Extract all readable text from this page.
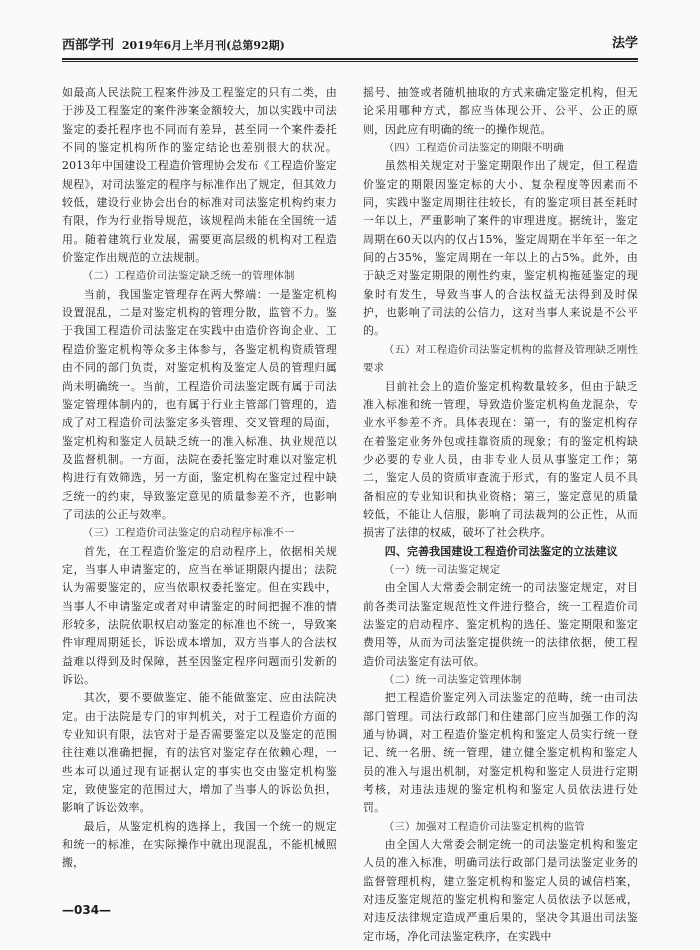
西部学刊 2019年6月上半月刊(总第92期)	法学

如最高人民法院工程案件涉及工程鉴定的只有二类，由于涉及工程鉴定的案件涉案金额较大，加以实践中司法鉴定的委托程序也不同而有差异，甚至同一个案件委托不同的鉴定机构所作的鉴定结论也差别很大的状况。2013年中国建设工程造价管理协会发布《工程造价鉴定规程》，对司法鉴定的程序与标准作出了规定，但其效力较低，建设行业协会出台的标准对司法鉴定机构约束力有限，作为行业指导规范，该规程尚未能在全国统一适用。随着建筑行业发展，需要更高层级的机构对工程造价鉴定作出规范的立法规制。

（二）工程造价司法鉴定缺乏统一的管理体制

当前，我国鉴定管理存在两大弊端：一是鉴定机构设置混乱，二是对鉴定机构的管理分散，监管不力。鉴于我国工程造价司法鉴定在实践中由造价咨询企业、工程造价鉴定机构等众多主体参与，各鉴定机构资质管理由不同的部门负责，对鉴定机构及鉴定人员的管理归属尚未明确统一。当前，工程造价司法鉴定既有属于司法鉴定管理体制内的，也有属于行业主管部门管理的，造成了对工程造价司法鉴定多头管理、交叉管理的局面，鉴定机构和鉴定人员缺乏统一的准入标准、执业规范以及监督机制。一方面，法院在委托鉴定时难以对鉴定机构进行有效筛选，另一方面，鉴定机构在鉴定过程中缺乏统一的约束，导致鉴定意见的质量参差不齐，也影响了司法的公正与效率。

（三）工程造价司法鉴定的启动程序标准不一

首先，在工程造价鉴定的启动程序上，依据相关规定，当事人申请鉴定的，应当在举证期限内提出；法院认为需要鉴定的，应当依职权委托鉴定。但在实践中，当事人不申请鉴定或者对申请鉴定的时间把握不准的情形较多，法院依职权启动鉴定的标准也不统一，导致案件审理周期延长，诉讼成本增加，双方当事人的合法权益难以得到及时保障，甚至因鉴定程序问题而引发新的诉讼。

其次，要不要做鉴定、能不能做鉴定、应由法院决定。由于法院是专门的审判机关，对于工程造价方面的专业知识有限，法官对于是否需要鉴定以及鉴定的范围往往难以准确把握，有的法官对鉴定存在依赖心理，一些本可以通过现有证据认定的事实也交由鉴定机构鉴定，致使鉴定的范围过大，增加了当事人的诉讼负担，影响了诉讼效率。

最后，从鉴定机构的选择上，我国一个统一的规定和统一的标准，在实际操作中就出现混乱，不能机械照搬，

摇号、抽签或者随机抽取的方式来确定鉴定机构，但无论采用哪种方式，都应当体现公开、公平、公正的原则，因此应有明确的统一的操作规范。

（四）工程造价司法鉴定的期限不明确

虽然相关规定对于鉴定期限作出了规定，但工程造价鉴定的期限因鉴定标的大小、复杂程度等因素而不同，实践中鉴定周期往往较长，有的鉴定项目甚至耗时一年以上，严重影响了案件的审理进度。据统计，鉴定周期在60天以内的仅占15%，鉴定周期在半年至一年之间的占35%，鉴定周期在一年以上的占5%。此外，由于缺乏对鉴定期限的刚性约束，鉴定机构拖延鉴定的现象时有发生，导致当事人的合法权益无法得到及时保护，也影响了司法的公信力，这对当事人来说是不公平的。

（五）对工程造价司法鉴定机构的监督及管理缺乏刚性要求

目前社会上的造价鉴定机构数量较多，但由于缺乏准入标准和统一管理，导致造价鉴定机构鱼龙混杂，专业水平参差不齐。具体表现在：第一，有的鉴定机构存在着鉴定业务外包或挂靠资质的现象；有的鉴定机构缺少必要的专业人员，由非专业人员从事鉴定工作；第二，鉴定人员的资质审查流于形式，有的鉴定人员不具备相应的专业知识和执业资格；第三，鉴定意见的质量较低，不能让人信服，影响了司法裁判的公正性，从而损害了法律的权威，破坏了社会秩序。

四、完善我国建设工程造价司法鉴定的立法建议
（一）统一司法鉴定规定

由全国人大常委会制定统一的司法鉴定规定，对目前各类司法鉴定规范性文件进行整合，统一工程造价司法鉴定的启动程序、鉴定机构的选任、鉴定期限和鉴定费用等，从而为司法鉴定提供统一的法律依据，使工程造价司法鉴定有法可依。

（二）统一司法鉴定管理体制

把工程造价鉴定列入司法鉴定的范畴，统一由司法部门管理。司法行政部门和住建部门应当加强工作的沟通与协调，对工程造价鉴定机构和鉴定人员实行统一登记、统一名册、统一管理，建立健全鉴定机构和鉴定人员的准入与退出机制，对鉴定机构和鉴定人员进行定期考核，对违法违规的鉴定机构和鉴定人员依法进行处罚。

（三）加强对工程造价司法鉴定机构的监管

由全国人大常委会制定统一的司法鉴定机构和鉴定人员的准入标准，明确司法行政部门是司法鉴定业务的监督管理机构，建立鉴定机构和鉴定人员的诚信档案，对违反鉴定规范的鉴定机构和鉴定人员依法予以惩戒，对违反法律规定造成严重后果的，坚决令其退出司法鉴定市场，净化司法鉴定秩序，在实践中

—034—
